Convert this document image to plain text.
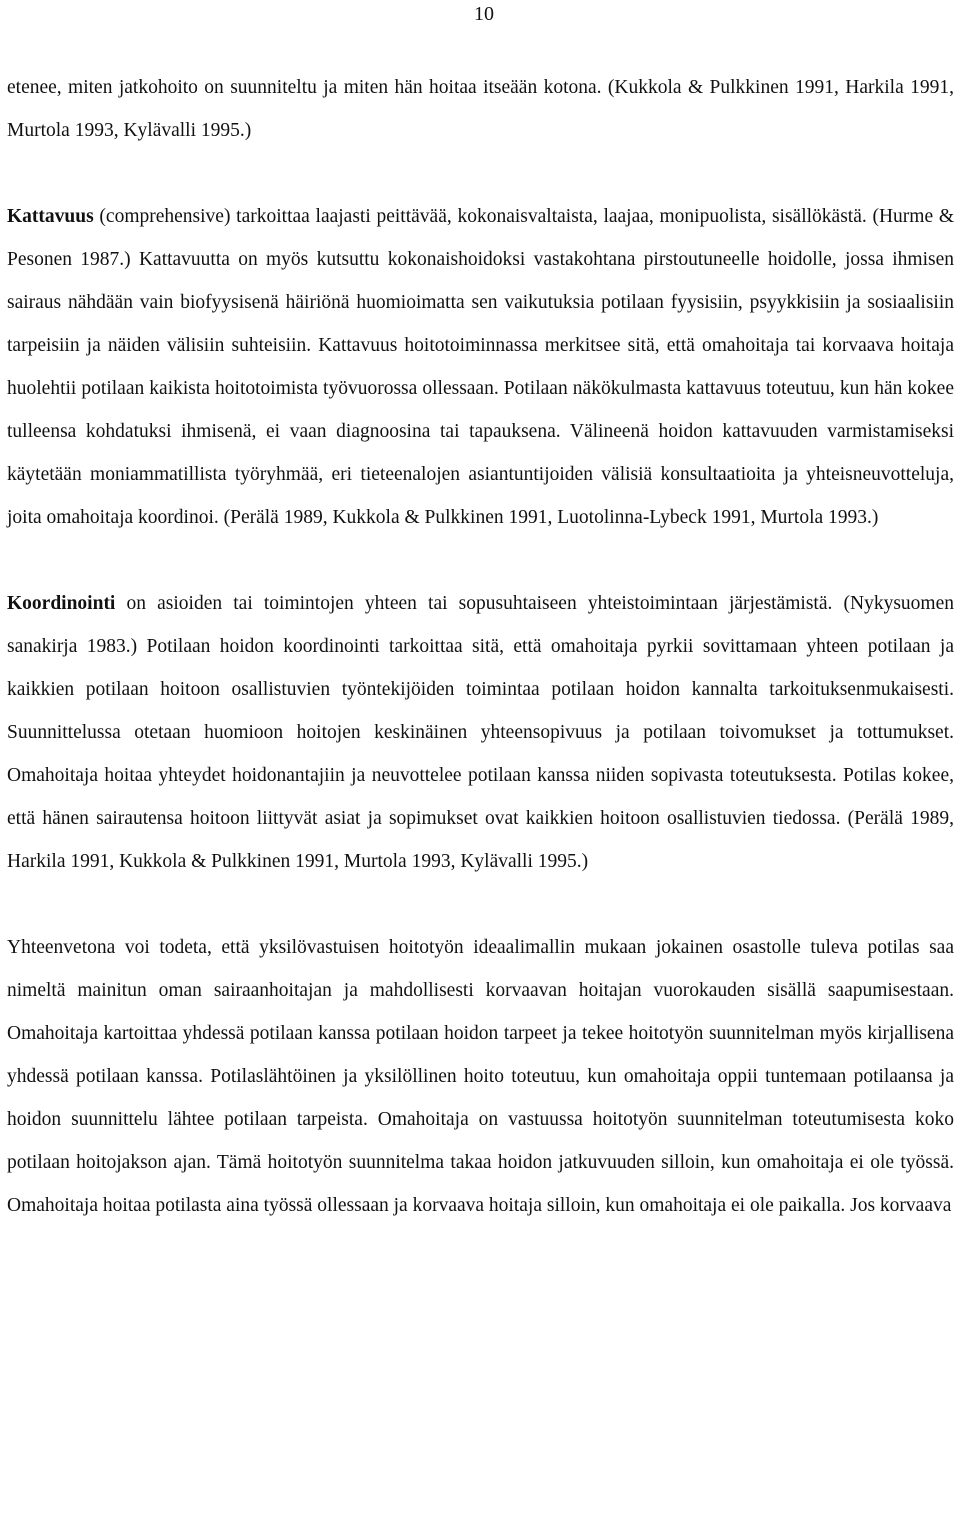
10

etenee, miten jatkohoito on suunniteltu ja miten hän hoitaa itseään kotona. (Kukkola & Pulkkinen 1991, Harkila 1991, Murtola 1993, Kylävalli 1995.)

Kattavuus (comprehensive) tarkoittaa laajasti peittävää, kokonaisvaltaista, laajaa, monipuolista, sisällökästä. (Hurme & Pesonen 1987.) Kattavuutta on myös kutsuttu kokonaishoidoksi vastakohtana pirstoutuneelle hoidolle, jossa ihmisen sairaus nähdään vain biofyysisenä häiriönä huomioimatta sen vaikutuksia potilaan fyysisiin, psyykkisiin ja sosiaalisiin tarpeisiin ja näiden välisiin suhteisiin. Kattavuus hoitotoiminnassa merkitsee sitä, että omahoitaja tai korvaava hoitaja huolehtii potilaan kaikista hoitotoimista työvuorossa ollessaan. Potilaan näkökulmasta kattavuus toteutuu, kun hän kokee tulleensa kohdatuksi ihmisenä, ei vaan diagnoosina tai tapauksena. Välineenä hoidon kattavuuden varmistamiseksi käytetään moniammatillista työryhmää, eri tieteenalojen asiantuntijoiden välisiä konsultaatioita ja yhteisneuvotteluja, joita omahoitaja koordinoi. (Perälä 1989, Kukkola & Pulkkinen 1991, Luotolinna-Lybeck 1991, Murtola 1993.)

Koordinointi on asioiden tai toimintojen yhteen tai sopusuhtaiseen yhteistoimintaan järjestämistä. (Nykysuomen sanakirja 1983.) Potilaan hoidon koordinointi tarkoittaa sitä, että omahoitaja pyrkii sovittamaan yhteen potilaan ja kaikkien potilaan hoitoon osallistuvien työntekijöiden toimintaa potilaan hoidon kannalta tarkoituksenmukaisesti. Suunnittelussa otetaan huomioon hoitojen keskinäinen yhteensopivuus ja potilaan toivomukset ja tottumukset. Omahoitaja hoitaa yhteydet hoidonantajiin ja neuvottelee potilaan kanssa niiden sopivasta toteutuksesta. Potilas kokee, että hänen sairautensa hoitoon liittyvät asiat ja sopimukset ovat kaikkien hoitoon osallistuvien tiedossa. (Perälä 1989, Harkila 1991, Kukkola & Pulkkinen 1991, Murtola 1993, Kylävalli 1995.)

Yhteenvetona voi todeta, että yksilövastuisen hoitotyön ideaalimallin mukaan jokainen osastolle tuleva potilas saa nimeltä mainitun oman sairaanhoitajan ja mahdollisesti korvaavan hoitajan vuorokauden sisällä saapumisestaan. Omahoitaja kartoittaa yhdessä potilaan kanssa potilaan hoidon tarpeet ja tekee hoitotyön suunnitelman myös kirjallisena yhdessä potilaan kanssa. Potilaslähtöinen ja yksilöllinen hoito toteutuu, kun omahoitaja oppii tuntemaan potilaansa ja hoidon suunnittelu lähtee potilaan tarpeista. Omahoitaja on vastuussa hoitotyön suunnitelman toteutumisesta koko potilaan hoitojakson ajan. Tämä hoitotyön suunnitelma takaa hoidon jatkuvuuden silloin, kun omahoitaja ei ole työssä. Omahoitaja hoitaa potilasta aina työssä ollessaan ja korvaava hoitaja silloin, kun omahoitaja ei ole paikalla. Jos korvaava
